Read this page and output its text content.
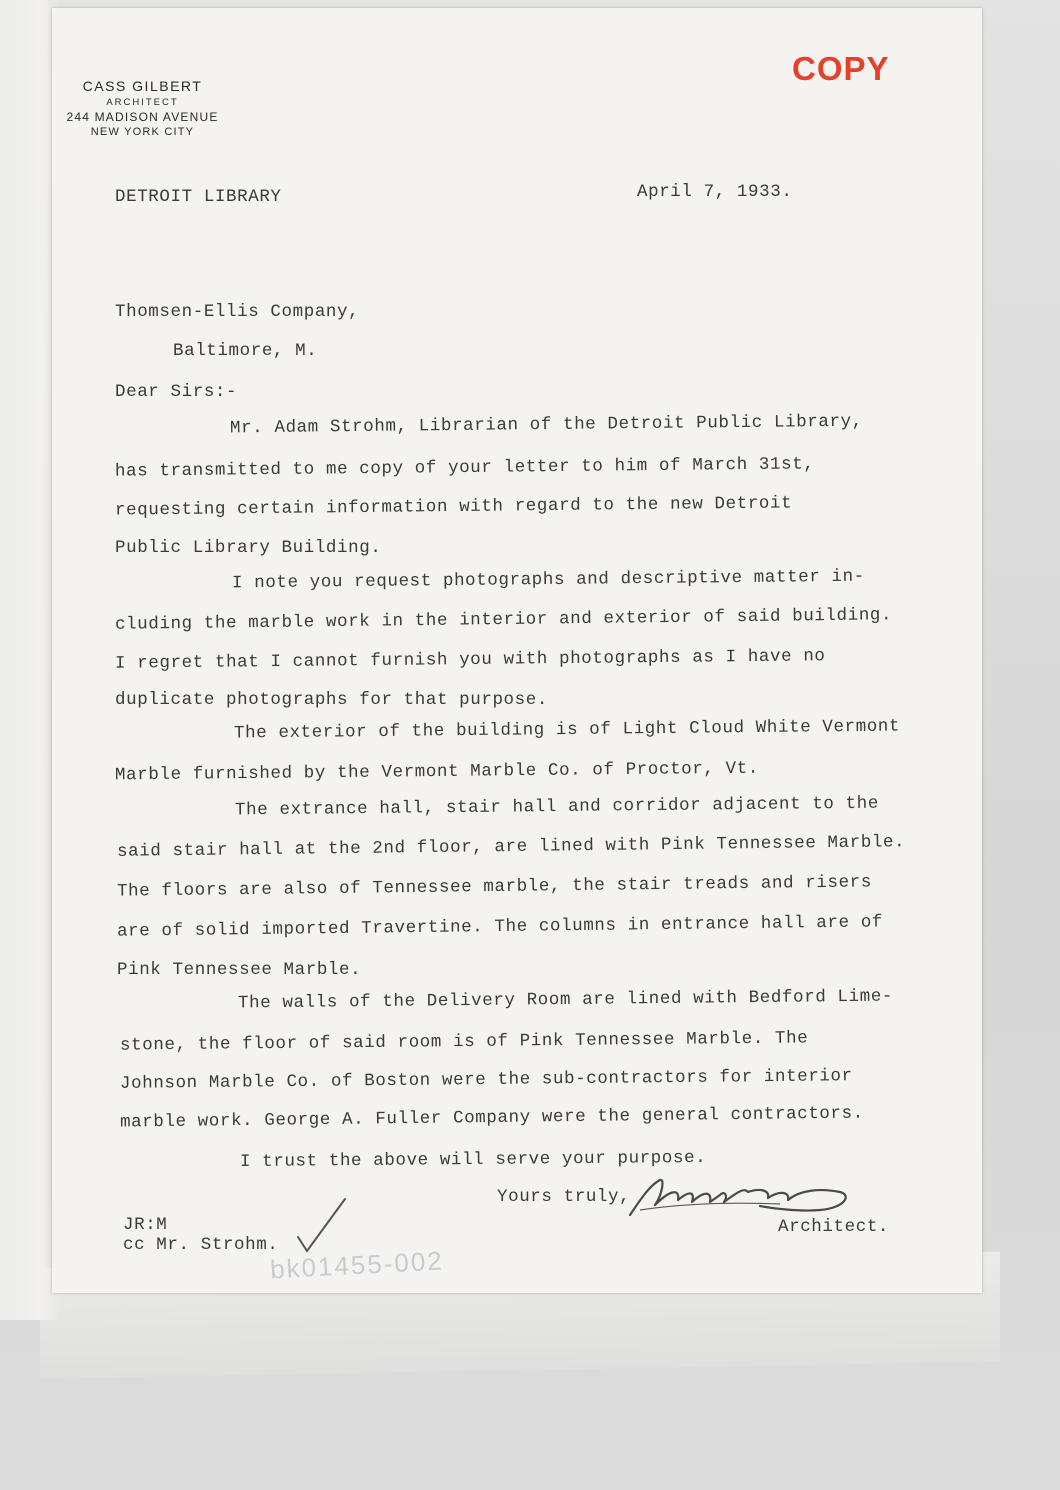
COPY
CASS GILBERT
ARCHITECT
244 MADISON AVENUE
NEW YORK CITY
DETROIT LIBRARY	April 7, 1933.
Thomsen-Ellis Company,
Baltimore, M.
Dear Sirs:-
Mr. Adam Strohm, Librarian of the Detroit Public Library,
has transmitted to me copy of your letter to him of March 31st,
requesting certain information with regard to the new Detroit
Public Library Building.
I note you request photographs and descriptive matter in-
cluding the marble work in the interior and exterior of said building.
I regret that I cannot furnish you with photographs as I have no
duplicate photographs for that purpose.
The exterior of the building is of Light Cloud White Vermont
Marble furnished by the Vermont Marble Co. of Proctor, Vt.
The extrance hall, stair hall and corridor adjacent to the
said stair hall at the 2nd floor, are lined with Pink Tennessee Marble.
The floors are also of Tennessee marble, the stair treads and risers
are of solid imported Travertine. The columns in entrance hall are of
Pink Tennessee Marble.
The walls of the Delivery Room are lined with Bedford Lime-
stone, the floor of said room is of Pink Tennessee Marble. The
Johnson Marble Co. of Boston were the sub-contractors for interior
marble work. George A. Fuller Company were the general contractors.
I trust the above will serve your purpose.
Yours truly,
Architect.
JR:M
cc Mr. Strohm.
bk01455-002
